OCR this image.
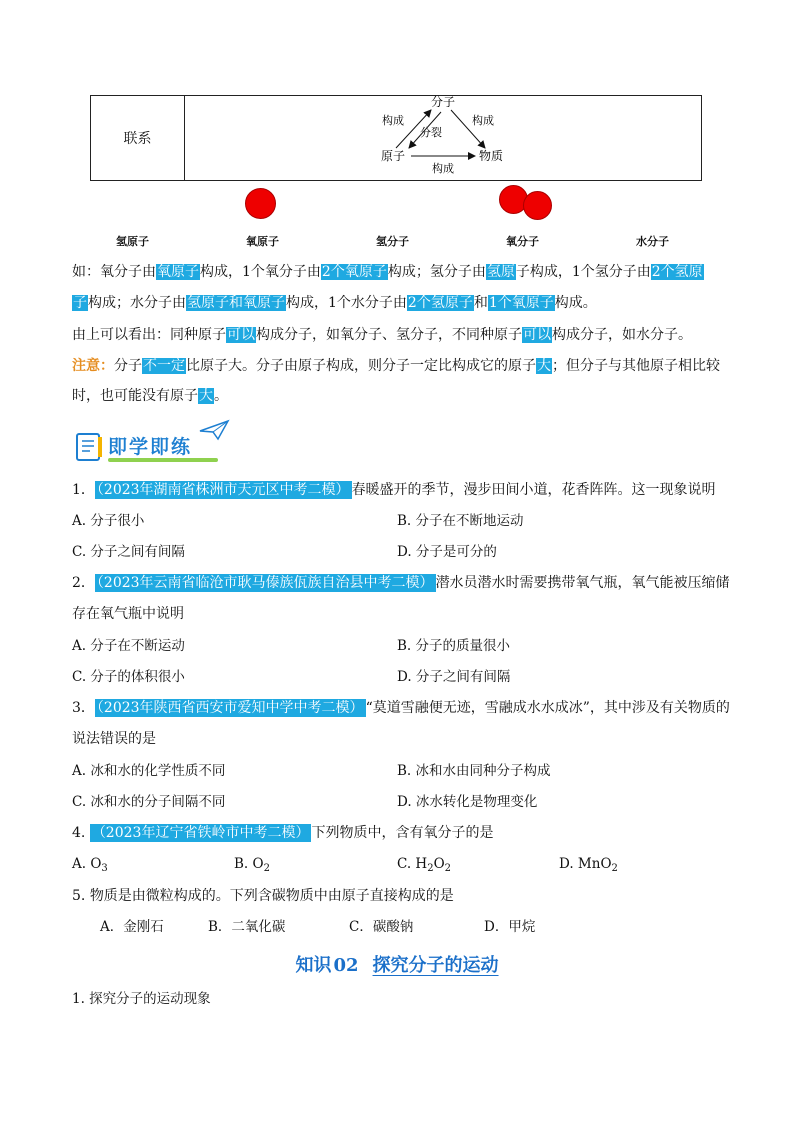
联系
分子
原子	物质
构成	构成
分裂
构成
氢原子	氧原子	氢分子	氧分子	水分子
如：氧分子由氧原子构成，1个氧分子由2个氧原子构成；氢分子由氢原子构成，1个氢分子由2个氢原
子构成；水分子由氢原子和氧原子构成，1个水分子由2个氢原子和1个氧原子构成。
由上可以看出：同种原子可以构成分子，如氧分子、氢分子，不同种原子可以构成分子，如水分子。
注意：分子不一定比原子大。分子由原子构成，则分子一定比构成它的原子大；但分子与其他原子相比较
时，也可能没有原子大。
即学即练
1． （2023年湖南省株洲市天元区中考二模） 春暖盛开的季节，漫步田间小道，花香阵阵。这一现象说明
A. 分子很小	B. 分子在不断地运动
C. 分子之间有间隔	D. 分子是可分的
2． （2023年云南省临沧市耿马傣族佤族自治县中考二模） 潜水员潜水时需要携带氧气瓶，氧气能被压缩储
存在氧气瓶中说明
A. 分子在不断运动	B. 分子的质量很小
C. 分子的体积很小	D. 分子之间有间隔
3． （2023年陕西省西安市爱知中学中考二模） “莫道雪融便无迹，雪融成水水成冰”，其中涉及有关物质的
说法错误的是
A. 冰和水的化学性质不同	B. 冰和水由同种分子构成
C. 冰和水的分子间隔不同	D. 冰水转化是物理变化
4. （2023年辽宁省铁岭市中考二模） 下列物质中，含有氧分子的是
A. $O_3$	B. $O_2$	C. $H_2O_2$	D. MnO$_2$
5. 物质是由微粒构成的。下列含碳物质中由原子直接构成的是
A．金刚石	B．二氧化碳	C．碳酸钠	D．甲烷
知识 02 探究分子的运动
1. 探究分子的运动现象
